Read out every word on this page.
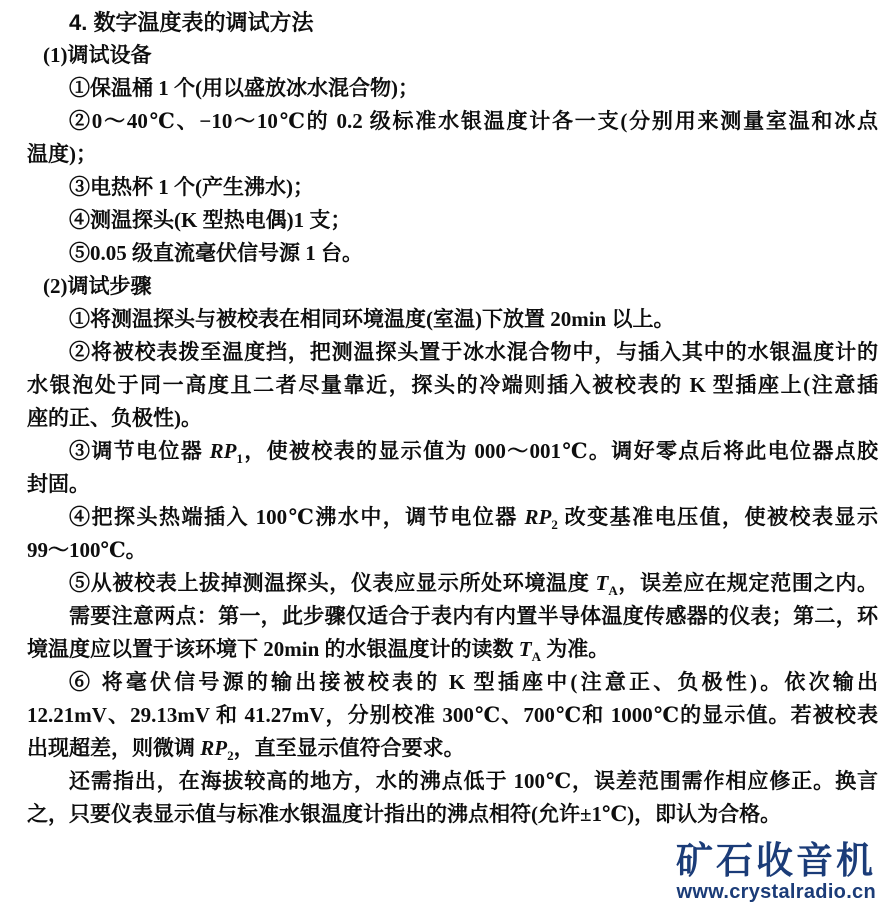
4. 数字温度表的调试方法
(1)调试设备
①保温桶 1 个(用以盛放冰水混合物)；
②0～40℃、−10～10℃的 0.2 级标准水银温度计各一支(分别用来测量室温和冰点
温度)；
③电热杯 1 个(产生沸水)；
④测温探头(K 型热电偶)1 支；
⑤0.05 级直流毫伏信号源 1 台。
(2)调试步骤
①将测温探头与被校表在相同环境温度(室温)下放置 20min 以上。
②将被校表拨至温度挡，把测温探头置于冰水混合物中，与插入其中的水银温度计的
水银泡处于同一高度且二者尽量靠近，探头的冷端则插入被校表的 K 型插座上(注意插
座的正、负极性)。
③调节电位器 $RP_1$，使被校表的显示值为 000～001℃。调好零点后将此电位器点胶
封固。
④把探头热端插入 100℃沸水中，调节电位器 $RP_2$ 改变基准电压值，使被校表显示
99～100℃。
⑤从被校表上拔掉测温探头，仪表应显示所处环境温度 $T_A$，误差应在规定范围之内。
需要注意两点：第一，此步骤仅适合于表内有内置半导体温度传感器的仪表；第二，环
境温度应以置于该环境下 20min 的水银温度计的读数 $T_A$ 为准。
⑥ 将毫伏信号源的输出接被校表的 K 型插座中(注意正、负极性)。依次输出
12.21mV、29.13mV 和 41.27mV，分别校准 300℃、700℃和 1000℃的显示值。若被校表
出现超差，则微调 $RP_2$，直至显示值符合要求。
还需指出，在海拔较高的地方，水的沸点低于 100℃，误差范围需作相应修正。换言
之，只要仪表显示值与标准水银温度计指出的沸点相符(允许±1℃)，即认为合格。
矿石收音机
www.crystalradio.cn
